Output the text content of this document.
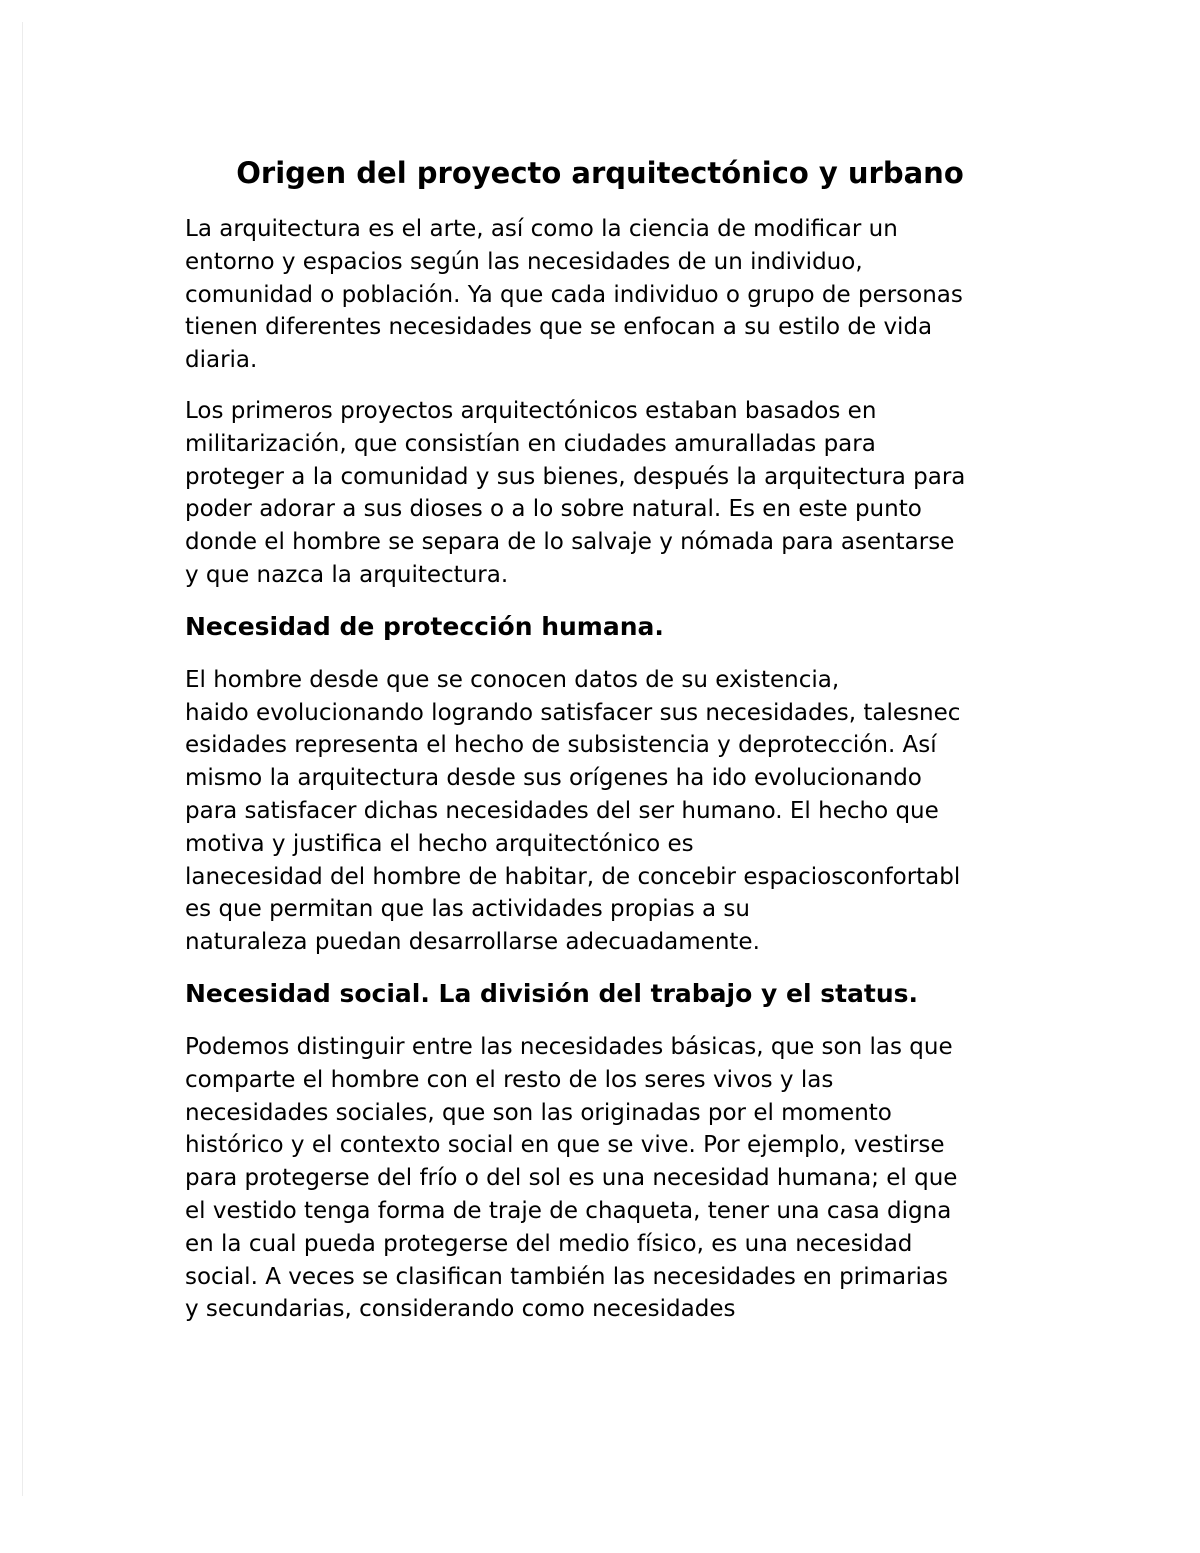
Origen del proyecto arquitectónico y urbano
La arquitectura es el arte, así como la ciencia de modificar un
entorno y espacios según las necesidades de un individuo,
comunidad o población. Ya que cada individuo o grupo de personas
tienen diferentes necesidades que se enfocan a su estilo de vida
diaria.
Los primeros proyectos arquitectónicos estaban basados en
militarización, que consistían en ciudades amuralladas para
proteger a la comunidad y sus bienes, después la arquitectura para
poder adorar a sus dioses o a lo sobre natural. Es en este punto
donde el hombre se separa de lo salvaje y nómada para asentarse
y que nazca la arquitectura.
Necesidad de protección humana.
El hombre desde que se conocen datos de su existencia,
haido evolucionando logrando satisfacer sus necesidades, talesnec
esidades representa el hecho de subsistencia y deprotección. Así
mismo la arquitectura desde sus orígenes ha ido evolucionando
para satisfacer dichas necesidades del ser humano. El hecho que
motiva y justifica el hecho arquitectónico es
lanecesidad del hombre de habitar, de concebir espaciosconfortabl
es que permitan que las actividades propias a su
naturaleza puedan desarrollarse adecuadamente.
Necesidad social. La división del trabajo y el status.
Podemos distinguir entre las necesidades básicas, que son las que
comparte el hombre con el resto de los seres vivos y las
necesidades sociales, que son las originadas por el momento
histórico y el contexto social en que se vive. Por ejemplo, vestirse
para protegerse del frío o del sol es una necesidad humana; el que
el vestido tenga forma de traje de chaqueta, tener una casa digna
en la cual pueda protegerse del medio físico, es una necesidad
social. A veces se clasifican también las necesidades en primarias
y secundarias, considerando como necesidades
